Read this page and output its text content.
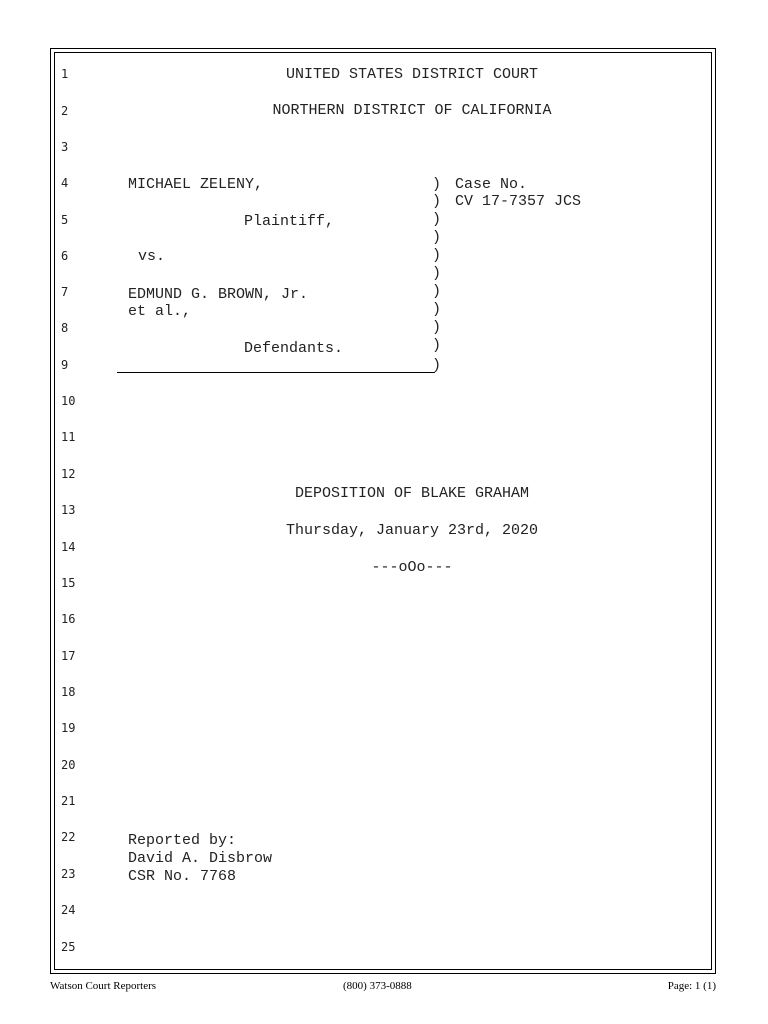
1
2
3
4
5
6
7
8
9
10
11
12
13
14
15
16
17
18
19
20
21
22
23
24
25
UNITED STATES DISTRICT COURT
NORTHERN DISTRICT OF CALIFORNIA
MICHAEL ZELENY,
Plaintiff,
vs.
EDMUND G. BROWN, Jr.
et al.,
Defendants.
)
)
)
)
)
)
)
)
)
)
)
Case No.
CV 17-7357 JCS
DEPOSITION OF BLAKE GRAHAM
Thursday, January 23rd, 2020
---oOo---
Reported by:
David A. Disbrow
CSR No. 7768
Watson Court Reporters	(800) 373-0888	Page: 1 (1)
